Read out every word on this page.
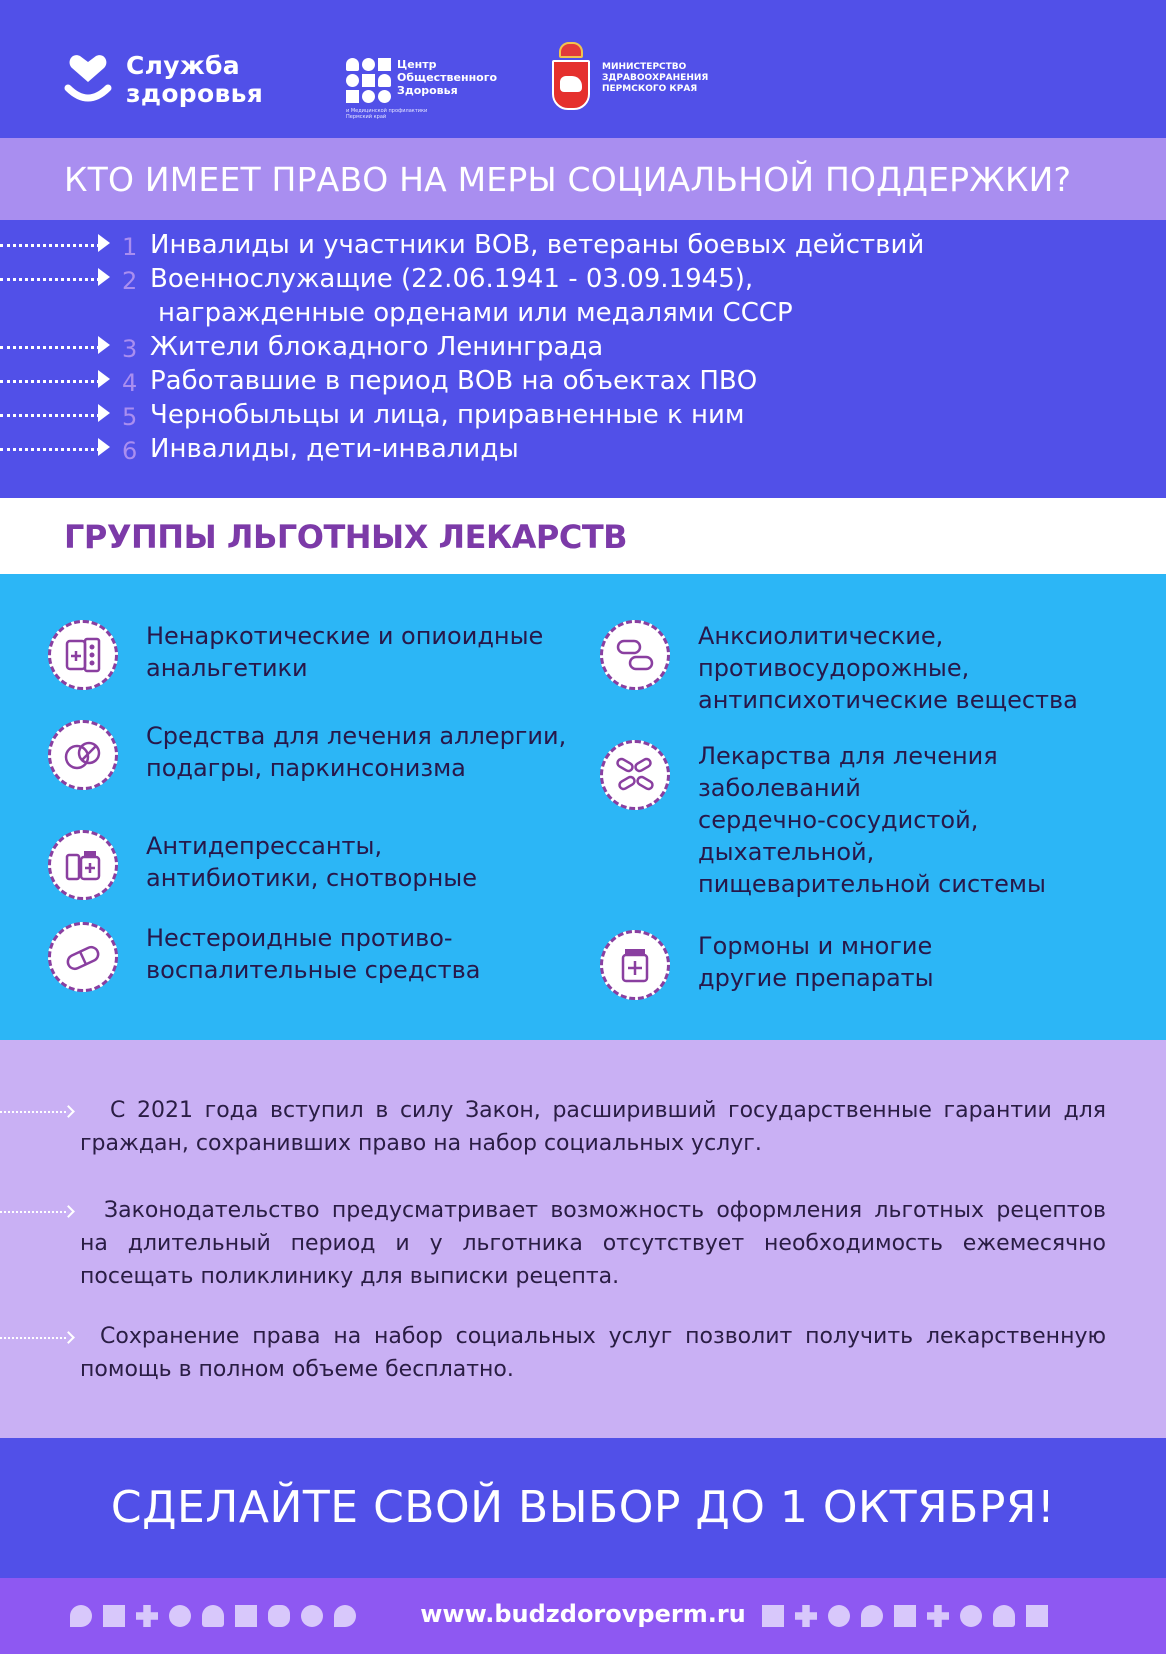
Служба
здоровья
Центр
Общественного
Здоровья
и Медицинской профилактики Пермский край
МИНИСТЕРСТВО
ЗДРАВООХРАНЕНИЯ
ПЕРМСКОГО КРАЯ
КТО ИМЕЕТ ПРАВО НА МЕРЫ СОЦИАЛЬНОЙ ПОДДЕРЖКИ?
1 Инвалиды и участники ВОВ, ветераны боевых действий
2 Военнослужащие (22.06.1941 - 03.09.1945),
награжденные орденами или медалями СССР
3 Жители блокадного Ленинграда
4 Работавшие в период ВОВ на объектах ПВО
5 Чернобыльцы и лица, приравненные к ним
6 Инвалиды, дети-инвалиды
ГРУППЫ ЛЬГОТНЫХ ЛЕКАРСТВ
Ненаркотические и опиоидные
анальгетики
Средства для лечения аллергии,
подагры, паркинсонизма
Антидепрессанты,
антибиотики, снотворные
Нестероидные противо-
воспалительные средства
Анксиолитические,
противосудорожные,
антипсихотические вещества
Лекарства для лечения
заболеваний
сердечно-сосудистой,
дыхательной,
пищеварительной системы
Гормоны и многие
другие препараты

С 2021 года вступил в силу Закон, расширивший государственные гарантии для граждан, сохранивших право на набор социальных услуг.

Законодательство предусматривает возможность оформления льготных рецептов на длительный период и у льготника отсутствует необходимость ежемесячно посещать поликлинику для выписки рецепта.

Сохранение права на набор социальных услуг позволит получить лекарственную помощь в полном объеме бесплатно.

СДЕЛАЙТЕ СВОЙ ВЫБОР ДО 1 ОКТЯБРЯ!
www.budzdorovperm.ru
